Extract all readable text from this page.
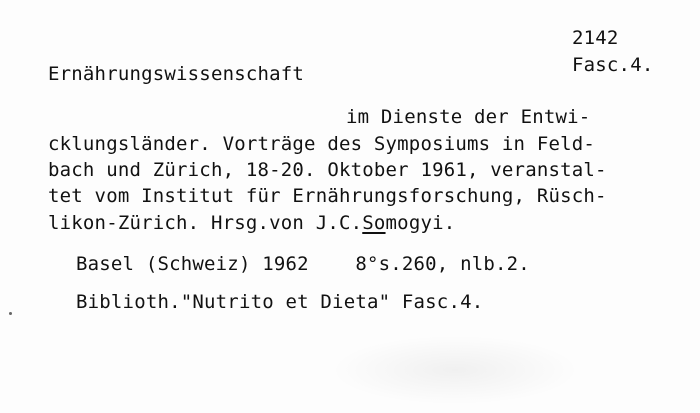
2142
Fasc.4.
Ernährungswissenschaft
im Dienste der Entwi-
cklungsländer. Vorträge des Symposiums in Feld-
bach und Zürich, 18-20. Oktober 1961, veranstal-
tet vom Institut für Ernährungsforschung, Rüsch-
likon-Zürich. Hrsg.von J.C.Somogyi.
Basel (Schweiz) 1962    8°s.260, nlb.2.
Biblioth."Nutrito et Dieta" Fasc.4.
